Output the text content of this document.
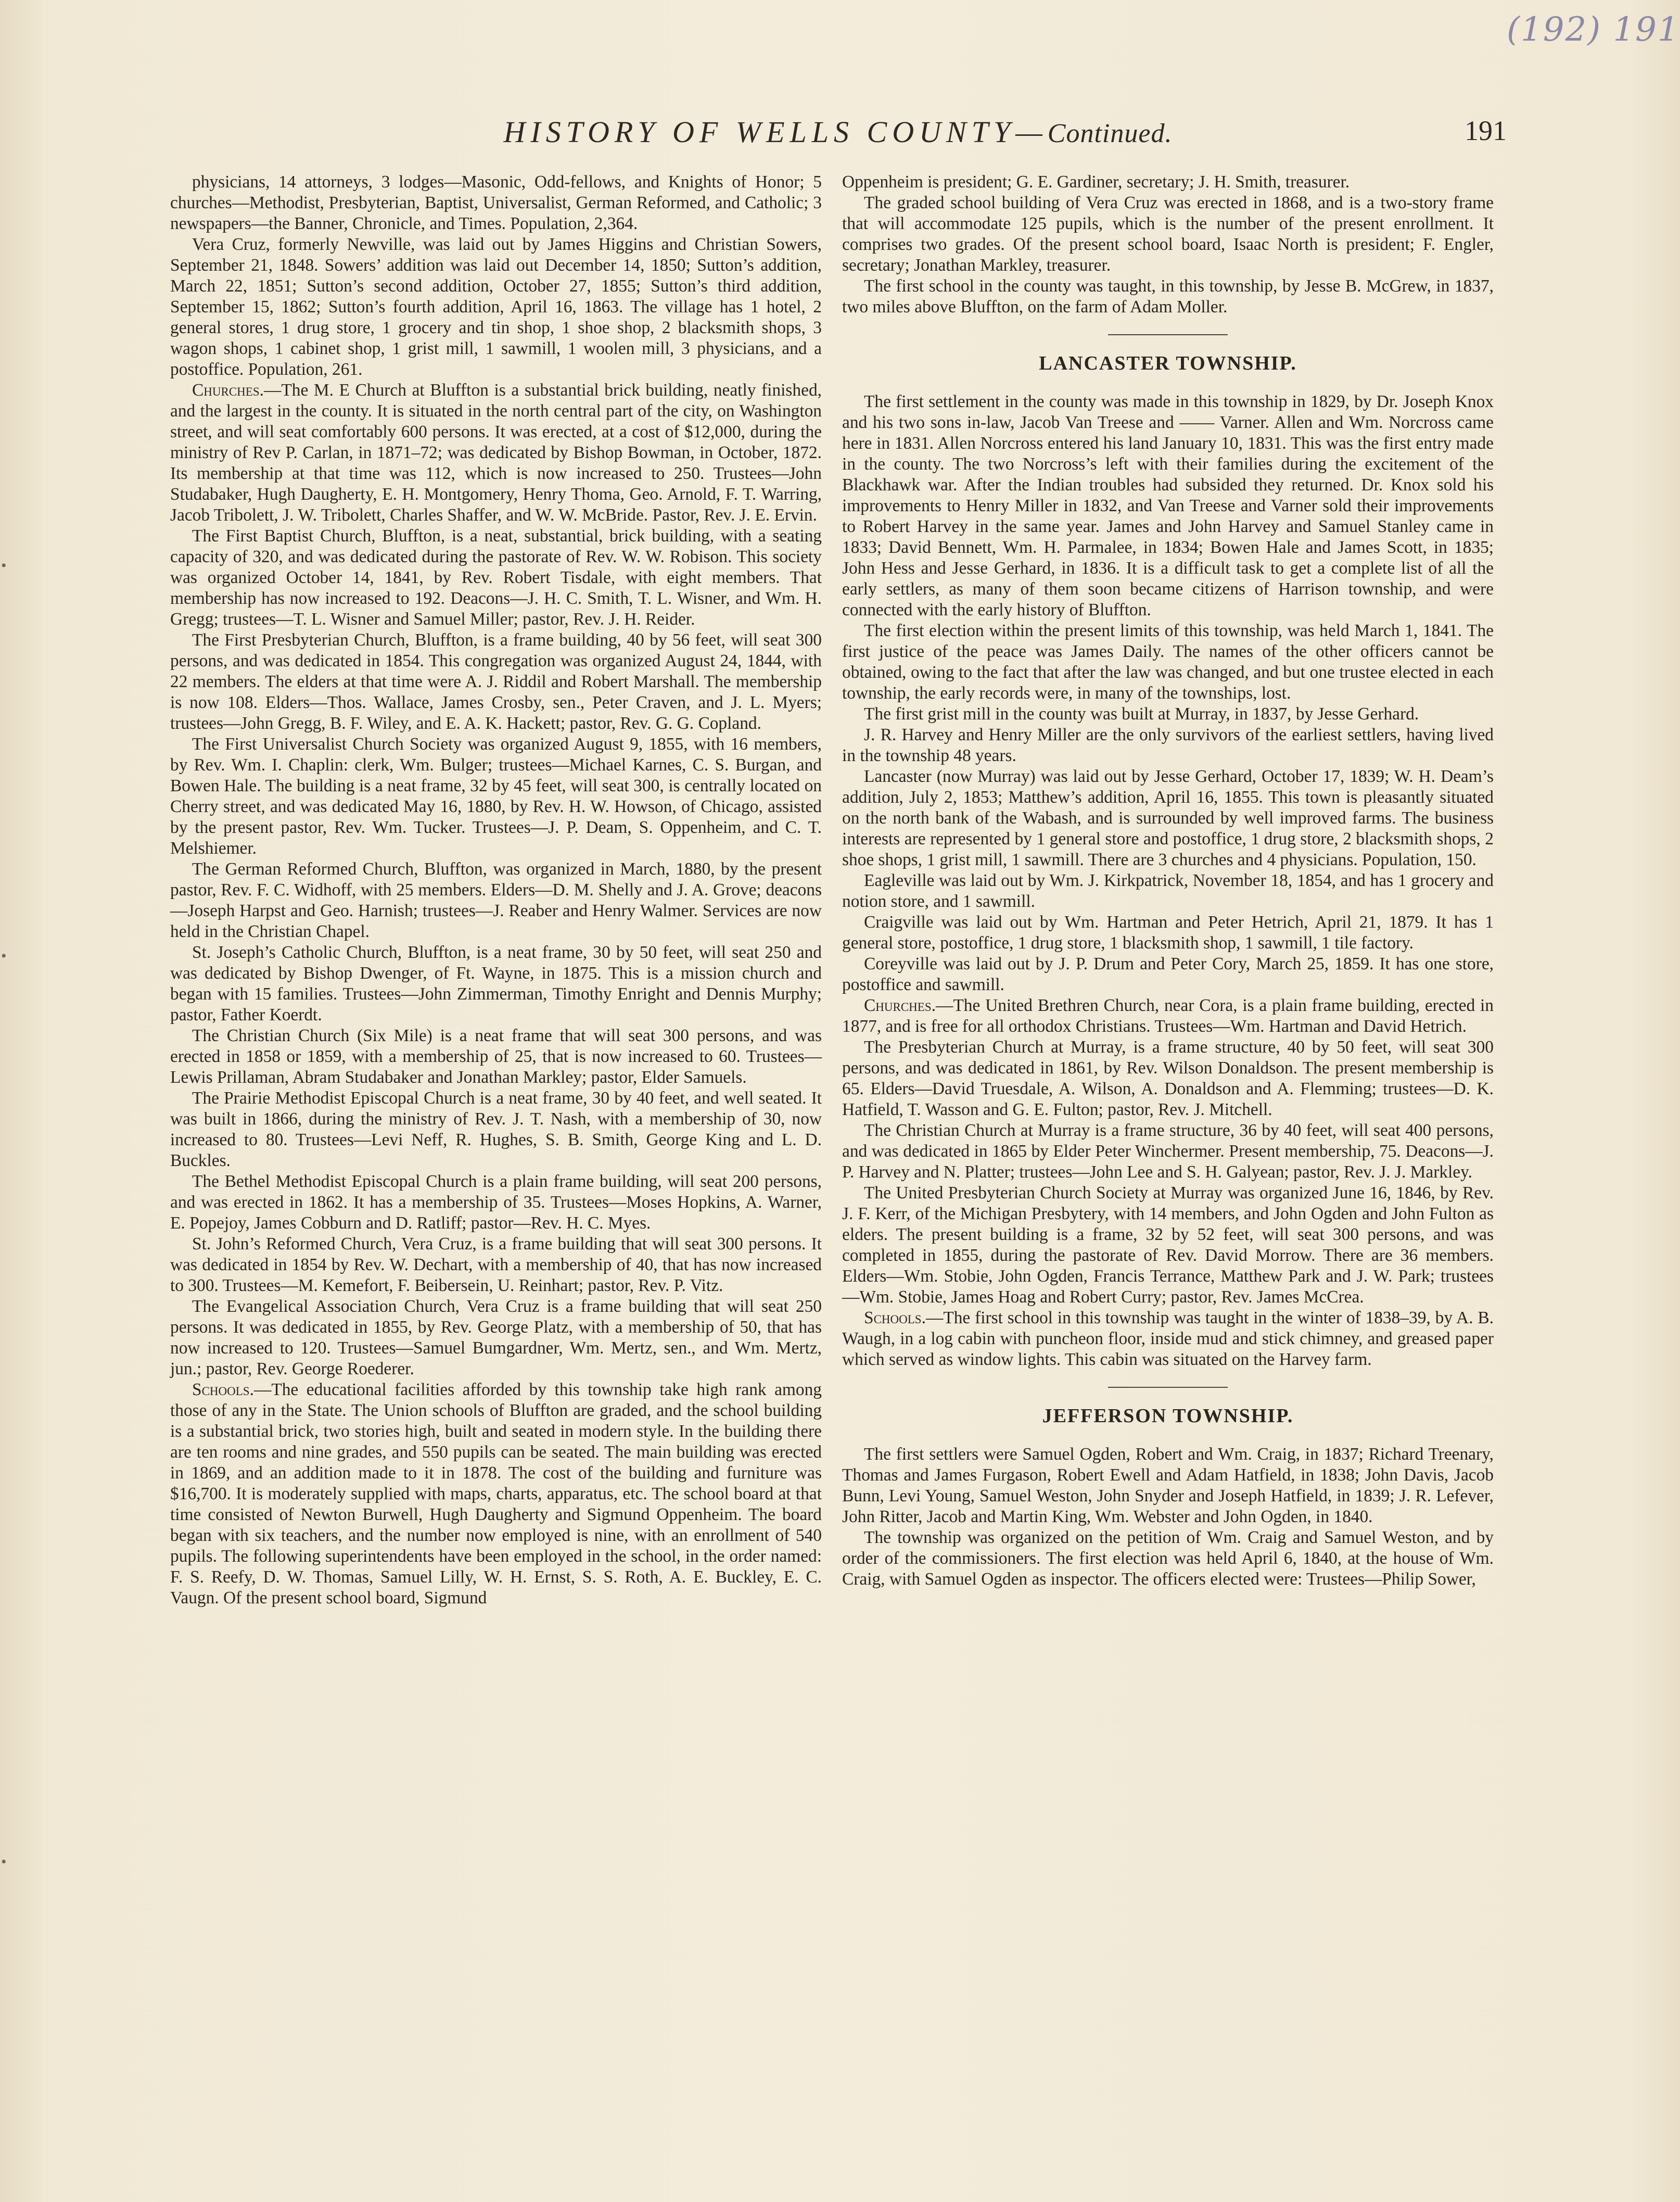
(192) 191
HISTORY OF WELLS COUNTY—Continued.	191

physicians, 14 attorneys, 3 lodges—Masonic, Odd-fellows, and Knights of Honor; 5 churches—Methodist, Presbyterian, Baptist, Universalist, German Reformed, and Catholic; 3 newspapers—the Banner, Chronicle, and Times. Population, 2,364.

Vera Cruz, formerly Newville, was laid out by James Higgins and Christian Sowers, September 21, 1848. Sowers’ addition was laid out December 14, 1850; Sutton’s addition, March 22, 1851; Sutton’s second addition, October 27, 1855; Sutton’s third addition, September 15, 1862; Sutton’s fourth addition, April 16, 1863. The village has 1 hotel, 2 general stores, 1 drug store, 1 grocery and tin shop, 1 shoe shop, 2 blacksmith shops, 3 wagon shops, 1 cabinet shop, 1 grist mill, 1 sawmill, 1 woolen mill, 3 physicians, and a postoffice. Population, 261.

Churches.—The M. E Church at Bluffton is a substantial brick building, neatly finished, and the largest in the county. It is situated in the north central part of the city, on Washington street, and will seat comfortably 600 persons. It was erected, at a cost of $12,000, during the ministry of Rev P. Carlan, in 1871–72; was dedicated by Bishop Bowman, in October, 1872. Its membership at that time was 112, which is now increased to 250. Trustees—John Studabaker, Hugh Daugherty, E. H. Montgomery, Henry Thoma, Geo. Arnold, F. T. Warring, Jacob Tribolett, J. W. Tribolett, Charles Shaffer, and W. W. McBride. Pastor, Rev. J. E. Ervin.

The First Baptist Church, Bluffton, is a neat, substantial, brick building, with a seating capacity of 320, and was dedicated during the pastorate of Rev. W. W. Robison. This society was organized October 14, 1841, by Rev. Robert Tisdale, with eight members. That membership has now increased to 192. Deacons—J. H. C. Smith, T. L. Wisner, and Wm. H. Gregg; trustees—T. L. Wisner and Samuel Miller; pastor, Rev. J. H. Reider.

The First Presbyterian Church, Bluffton, is a frame building, 40 by 56 feet, will seat 300 persons, and was dedicated in 1854. This congregation was organized August 24, 1844, with 22 members. The elders at that time were A. J. Riddil and Robert Marshall. The membership is now 108. Elders—Thos. Wallace, James Crosby, sen., Peter Craven, and J. L. Myers; trustees—John Gregg, B. F. Wiley, and E. A. K. Hackett; pastor, Rev. G. G. Copland.

The First Universalist Church Society was organized August 9, 1855, with 16 members, by Rev. Wm. I. Chaplin: clerk, Wm. Bulger; trustees—Michael Karnes, C. S. Burgan, and Bowen Hale. The building is a neat frame, 32 by 45 feet, will seat 300, is centrally located on Cherry street, and was dedicated May 16, 1880, by Rev. H. W. Howson, of Chicago, assisted by the present pastor, Rev. Wm. Tucker. Trustees—J. P. Deam, S. Oppenheim, and C. T. Melshiemer.

The German Reformed Church, Bluffton, was organized in March, 1880, by the present pastor, Rev. F. C. Widhoff, with 25 members. Elders—D. M. Shelly and J. A. Grove; deacons—Joseph Harpst and Geo. Harnish; trustees—J. Reaber and Henry Walmer. Services are now held in the Christian Chapel.

St. Joseph’s Catholic Church, Bluffton, is a neat frame, 30 by 50 feet, will seat 250 and was dedicated by Bishop Dwenger, of Ft. Wayne, in 1875. This is a mission church and began with 15 families. Trustees—John Zimmerman, Timothy Enright and Dennis Murphy; pastor, Father Koerdt.

The Christian Church (Six Mile) is a neat frame that will seat 300 persons, and was erected in 1858 or 1859, with a membership of 25, that is now increased to 60. Trustees—Lewis Prillaman, Abram Studabaker and Jonathan Markley; pastor, Elder Samuels.

The Prairie Methodist Episcopal Church is a neat frame, 30 by 40 feet, and well seated. It was built in 1866, during the ministry of Rev. J. T. Nash, with a membership of 30, now increased to 80. Trustees—Levi Neff, R. Hughes, S. B. Smith, George King and L. D. Buckles.

The Bethel Methodist Episcopal Church is a plain frame building, will seat 200 persons, and was erected in 1862. It has a membership of 35. Trustees—Moses Hopkins, A. Warner, E. Popejoy, James Cobburn and D. Ratliff; pastor—Rev. H. C. Myes.

St. John’s Reformed Church, Vera Cruz, is a frame building that will seat 300 persons. It was dedicated in 1854 by Rev. W. Dechart, with a membership of 40, that has now increased to 300. Trustees—M. Kemefort, F. Beibersein, U. Reinhart; pastor, Rev. P. Vitz.

The Evangelical Association Church, Vera Cruz is a frame building that will seat 250 persons. It was dedicated in 1855, by Rev. George Platz, with a membership of 50, that has now increased to 120. Trustees—Samuel Bumgardner, Wm. Mertz, sen., and Wm. Mertz, jun.; pastor, Rev. George Roederer.

Schools.—The educational facilities afforded by this township take high rank among those of any in the State. The Union schools of Bluffton are graded, and the school building is a substantial brick, two stories high, built and seated in modern style. In the building there are ten rooms and nine grades, and 550 pupils can be seated. The main building was erected in 1869, and an addition made to it in 1878. The cost of the building and furniture was $16,700. It is moderately supplied with maps, charts, apparatus, etc. The school board at that time consisted of Newton Burwell, Hugh Daugherty and Sigmund Oppenheim. The board began with six teachers, and the number now employed is nine, with an enrollment of 540 pupils. The following superintendents have been employed in the school, in the order named: F. S. Reefy, D. W. Thomas, Samuel Lilly, W. H. Ernst, S. S. Roth, A. E. Buckley, E. C. Vaugn. Of the present school board, Sigmund

Oppenheim is president; G. E. Gardiner, secretary; J. H. Smith, treasurer.

The graded school building of Vera Cruz was erected in 1868, and is a two-story frame that will accommodate 125 pupils, which is the number of the present enrollment. It comprises two grades. Of the present school board, Isaac North is president; F. Engler, secretary; Jonathan Markley, treasurer.

The first school in the county was taught, in this township, by Jesse B. McGrew, in 1837, two miles above Bluffton, on the farm of Adam Moller.

LANCASTER TOWNSHIP.

The first settlement in the county was made in this township in 1829, by Dr. Joseph Knox and his two sons in-law, Jacob Van Treese and —— Varner. Allen and Wm. Norcross came here in 1831. Allen Norcross entered his land January 10, 1831. This was the first entry made in the county. The two Norcross’s left with their families during the excitement of the Blackhawk war. After the Indian troubles had subsided they returned. Dr. Knox sold his improvements to Henry Miller in 1832, and Van Treese and Varner sold their improvements to Robert Harvey in the same year. James and John Harvey and Samuel Stanley came in 1833; David Bennett, Wm. H. Parmalee, in 1834; Bowen Hale and James Scott, in 1835; John Hess and Jesse Gerhard, in 1836. It is a difficult task to get a complete list of all the early settlers, as many of them soon became citizens of Harrison township, and were connected with the early history of Bluffton.

The first election within the present limits of this township, was held March 1, 1841. The first justice of the peace was James Daily. The names of the other officers cannot be obtained, owing to the fact that after the law was changed, and but one trustee elected in each township, the early records were, in many of the townships, lost.

The first grist mill in the county was built at Murray, in 1837, by Jesse Gerhard.

J. R. Harvey and Henry Miller are the only survivors of the earliest settlers, having lived in the township 48 years.

Lancaster (now Murray) was laid out by Jesse Gerhard, October 17, 1839; W. H. Deam’s addition, July 2, 1853; Matthew’s addition, April 16, 1855. This town is pleasantly situated on the north bank of the Wabash, and is surrounded by well improved farms. The business interests are represented by 1 general store and postoffice, 1 drug store, 2 blacksmith shops, 2 shoe shops, 1 grist mill, 1 sawmill. There are 3 churches and 4 physicians. Population, 150.

Eagleville was laid out by Wm. J. Kirkpatrick, November 18, 1854, and has 1 grocery and notion store, and 1 sawmill.

Craigville was laid out by Wm. Hartman and Peter Hetrich, April 21, 1879. It has 1 general store, postoffice, 1 drug store, 1 blacksmith shop, 1 sawmill, 1 tile factory.

Coreyville was laid out by J. P. Drum and Peter Cory, March 25, 1859. It has one store, postoffice and sawmill.

Churches.—The United Brethren Church, near Cora, is a plain frame building, erected in 1877, and is free for all orthodox Christians. Trustees—Wm. Hartman and David Hetrich.

The Presbyterian Church at Murray, is a frame structure, 40 by 50 feet, will seat 300 persons, and was dedicated in 1861, by Rev. Wilson Donaldson. The present membership is 65. Elders—David Truesdale, A. Wilson, A. Donaldson and A. Flemming; trustees—D. K. Hatfield, T. Wasson and G. E. Fulton; pastor, Rev. J. Mitchell.

The Christian Church at Murray is a frame structure, 36 by 40 feet, will seat 400 persons, and was dedicated in 1865 by Elder Peter Winchermer. Present membership, 75. Deacons—J. P. Harvey and N. Platter; trustees—John Lee and S. H. Galyean; pastor, Rev. J. J. Markley.

The United Presbyterian Church Society at Murray was organized June 16, 1846, by Rev. J. F. Kerr, of the Michigan Presbytery, with 14 members, and John Ogden and John Fulton as elders. The present building is a frame, 32 by 52 feet, will seat 300 persons, and was completed in 1855, during the pastorate of Rev. David Morrow. There are 36 members. Elders—Wm. Stobie, John Ogden, Francis Terrance, Matthew Park and J. W. Park; trustees—Wm. Stobie, James Hoag and Robert Curry; pastor, Rev. James McCrea.

Schools.—The first school in this township was taught in the winter of 1838–39, by A. B. Waugh, in a log cabin with puncheon floor, inside mud and stick chimney, and greased paper which served as window lights. This cabin was situated on the Harvey farm.

JEFFERSON TOWNSHIP.

The first settlers were Samuel Ogden, Robert and Wm. Craig, in 1837; Richard Treenary, Thomas and James Furgason, Robert Ewell and Adam Hatfield, in 1838; John Davis, Jacob Bunn, Levi Young, Samuel Weston, John Snyder and Joseph Hatfield, in 1839; J. R. Lefever, John Ritter, Jacob and Martin King, Wm. Webster and John Ogden, in 1840.

The township was organized on the petition of Wm. Craig and Samuel Weston, and by order of the commissioners. The first election was held April 6, 1840, at the house of Wm. Craig, with Samuel Ogden as inspector. The officers elected were: Trustees—Philip Sower,

•
•
•
